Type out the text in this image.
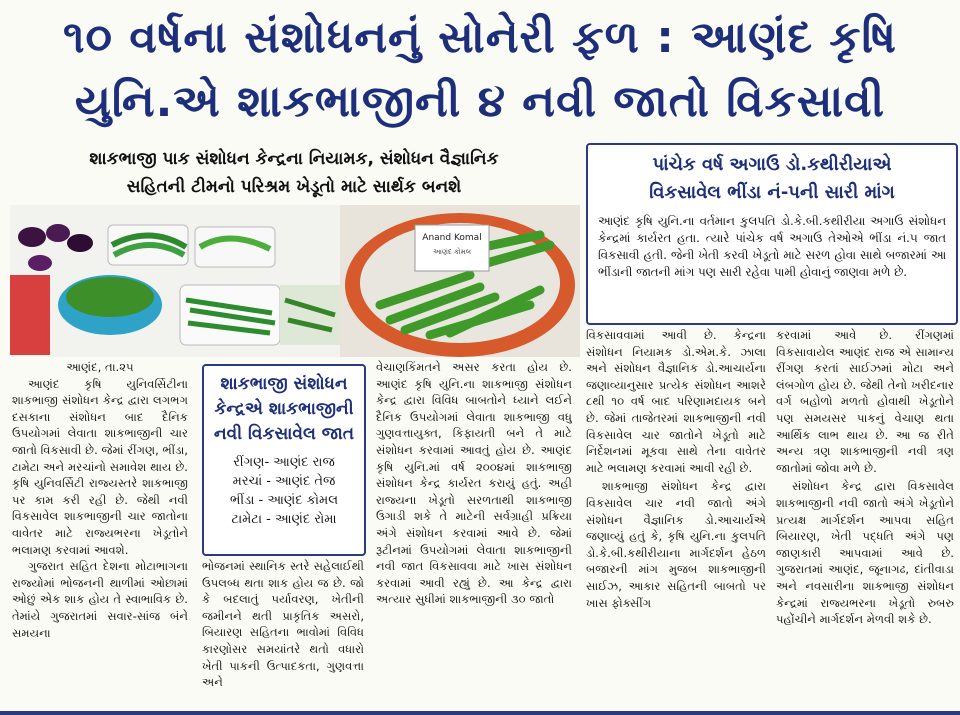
૧૦ વર્ષના સંશોધનનું સોનેરી ફળ : આણંદ કૃષિ
યુનિ.એ શાકભાજીની ૪ નવી જાતો વિકસાવી
શાકભાજી પાક સંશોધન કેન્દ્રના નિયામક, સંશોધન વૈજ્ઞાનિક
સહિતની ટીમનો પરિશ્રમ ખેડૂતો માટે સાર્થક બનશે
પાંચેક વર્ષ અગાઉ ડો.કથીરીયાએ
વિકસાવેલ ભીંડા નં-પની સારી માંગ
આણંદ કૃષિ યુનિ.ના વર્તમાન કુલપતિ ડો.કે.બી.કથીરીયા અગાઉ સંશોધન કેન્દ્રમાં કાર્યરત હતા. ત્યારે પાંચેક વર્ષ અગાઉ તેઓએ ભીંડા નં.૫ જાત વિકસાવી હતી. જેની ખેતી કરવી ખેડૂતો માટે સરળ હોવા સાથે બજારમાં આ ભીંડાની જાતની માંગ પણ સારી રહેવા પામી હોવાનું જાણવા મળે છે.
Anand Komal
આણંદ કોમલ

આણંદ, તા.૨૫

આણંદ કૃષિ યુનિવર્સિટીના શાકભાજી સંશોધન કેન્દ્ર દ્વારા લગભગ દસકાના સંશોધન બાદ દૈનિક ઉપયોગમાં લેવાતા શાકભાજીની ચાર જાતો વિકસાવી છે. જેમાં રીંગણ, ભીંડા, ટામેટા અને મરચાંનો સમાવેશ થાય છે. કૃષિ યુનિવર્સિટી રાજ્યસ્તરે શાકભાજી પર કામ કરી રહી છે. જેથી નવી વિકસાવેલ શાકભાજીની ચાર જાતોના વાવેતર માટે રાજ્યભરના ખેડૂતોને ભલામણ કરવામાં આવશે.

ગુજરાત સહિત દેશના મોટાભાગના રાજ્યોમાં ભોજનની થાળીમાં ઓછામાં ઓછું એક શાક હોય તે સ્વાભાવિક છે. તેમાંયે ગુજરાતમાં સવાર-સાંજ બંને સમયના

શાકભાજી સંશોધન
કેન્દ્રએ શાકભાજીની
નવી વિકસાવેલ જાત
રીંગણ- આણંદ રાજ
મરચાં - આણંદ તેજ
ભીંડા - આણંદ કોમલ
ટામેટા - આણંદ રોમા

ભોજનમાં સ્થાનિક સ્તરે સહેલાઈથી ઉપલબ્ધ થતા શાક હોય જ છે. જો કે બદલાતું પર્યાવરણ, ખેતીની જમીનને થતી પ્રાકૃતિક અસરો, બિયારણ સહિતના ભાવોમાં વિવિધ કારણોસર સમયાંતરે થતો વધારો ખેતી પાકની ઉત્પાદકતા, ગુણવત્તા અને

વેચાણકિંમતને અસર કરતા હોય છે. આણંદ કૃષિ યુનિ.ના શાકભાજી સંશોધન કેન્દ્ર દ્વારા વિવિધ બાબતોને ધ્યાને લઈને દૈનિક ઉપયોગમાં લેવાતા શાકભાજી વધુ ગુણવત્તાયુક્ત, કિફાયતી બને તે માટે સંશોધન કરવામાં આવતું હોય છે. આણંદ કૃષિ યુનિ.માં વર્ષ ૨૦૦૪માં શાકભાજી સંશોધન કેન્દ્ર કાર્યરત કરાયું હતું. અહી રાજ્યના ખેડૂતો સરળતાથી શાકભાજી ઉગાડી શકે તે માટેની સર્વગ્રાહી પ્રક્રિયા અંગે સંશોધન કરવામાં આવે છે. જેમાં રૂટીનમાં ઉપયોગમાં લેવાતા શાકભાજીની નવી જાત વિકસાવવા માટે ખાસ સંશોધન કરવામાં આવી રહ્યું છે. આ કેન્દ્ર દ્વારા અત્યાર સુધીમાં શાકભાજીની ૩૦ જાતો

વિકસાવવામાં આવી છે. કેન્દ્રના સંશોધન નિયામક ડો.એમ.કે. ઝાલા અને સંશોધન વૈજ્ઞાનિક ડો.આચાર્યના જણાવ્યાનુસાર પ્રત્યેક સંશોધન આશરે ૮થી ૧૦ વર્ષ બાદ પરિણામદાયક બને છે. જેમાં તાજેતરમાં શાકભાજીની નવી વિકસાવેલ ચાર જાતોને ખેડૂતો માટે નિર્દેશનમાં મૂકવા સાથે તેના વાવેતર માટે ભલામણ કરવામાં આવી રહી છે.

શાકભાજી સંશોધન કેન્દ્ર દ્વારા વિકસાવેલ ચાર નવી જાતો અંગે સંશોધન વૈજ્ઞાનિક ડો.આચાર્યએ જણાવ્યું હતું કે, કૃષિ યુનિ.ના કુલપતિ ડો.કે.બી.કથીરીયાના માર્ગદર્શન હેઠળ બજારની માંગ મુજબ શાકભાજીની સાઈઝ, આકાર સહિતની બાબતો પર ખાસ ફોક્સીંગ

કરવામાં આવે છે. રીંગણમાં વિકસાવાયેલ આણંદ રાજ એ સામાન્ય રીંગણ કરતાં સાઈઝમાં મોટા અને લંબગોળ હોય છે. જેથી તેનો ખરીદનાર વર્ગ બહોળો મળતો હોવાથી ખેડૂતોને પણ સમયસર પાકનું વેચાણ થતા આર્થિક લાભ થાય છે. આ જ રીતે અન્ય ત્રણ શાકભાજીની નવી ત્રણ જાતોમાં જોવા મળે છે.

સંશોધન કેન્દ્ર દ્વારા વિકસાવેલ શાકભાજીની નવી જાતો અંગે ખેડૂતોને પ્રત્યક્ષ માર્ગદર્શન આપવા સહિત બિયારણ, ખેતી પદ્ધતિ અંગે પણ જાણકારી આપવામાં આવે છે. ગુજરાતમાં આણંદ, જૂનાગઢ, દાંતીવાડા અને નવસારીના શાકભાજી સંશોધન કેન્દ્રમાં રાજ્યભરના ખેડૂતો રુબરુ પહોંચીને માર્ગદર્શન મેળવી શકે છે.
